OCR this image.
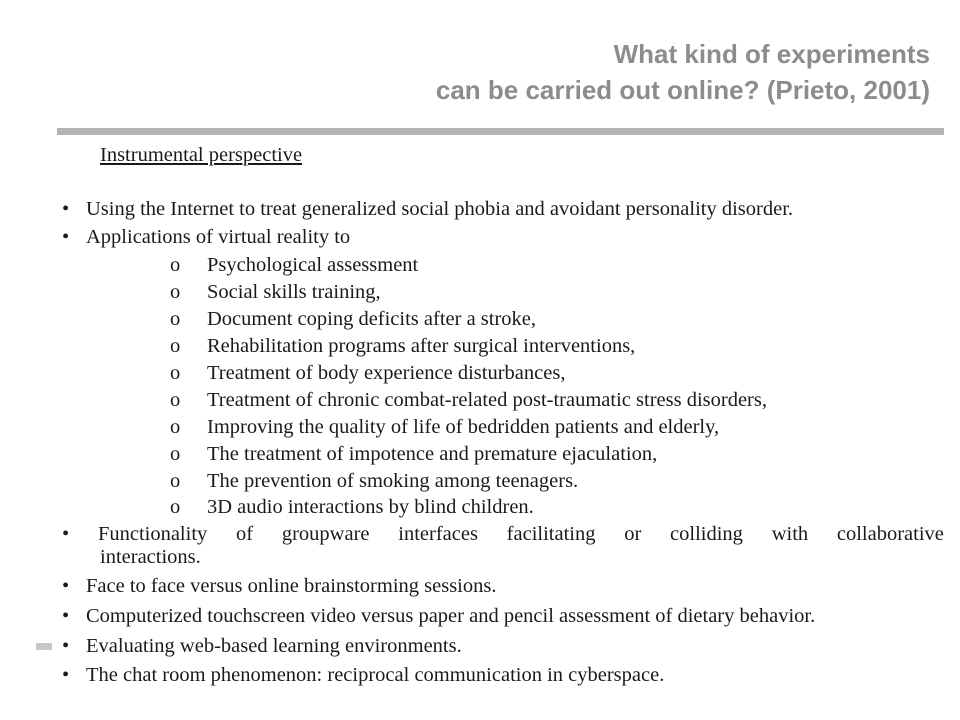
What kind of experiments
can be carried out online? (Prieto, 2001)
Instrumental perspective
• Using the Internet to treat generalized social phobia and avoidant personality disorder.
• Applications of virtual reality to
o Psychological assessment
o Social skills training,
o Document coping deficits after a stroke,
o Rehabilitation programs after surgical interventions,
o Treatment of body experience disturbances,
o Treatment of chronic combat-related post-traumatic stress disorders,
o Improving the quality of life of bedridden patients and elderly,
o The treatment of impotence and premature ejaculation,
o The prevention of smoking among teenagers.
o 3D audio interactions by blind children.
• Functionality of groupware interfaces facilitating or colliding with collaborative
interactions.
• Face to face versus online brainstorming sessions.
• Computerized touchscreen video versus paper and pencil assessment of dietary behavior.
• Evaluating web-based learning environments.
• The chat room phenomenon: reciprocal communication in cyberspace.
